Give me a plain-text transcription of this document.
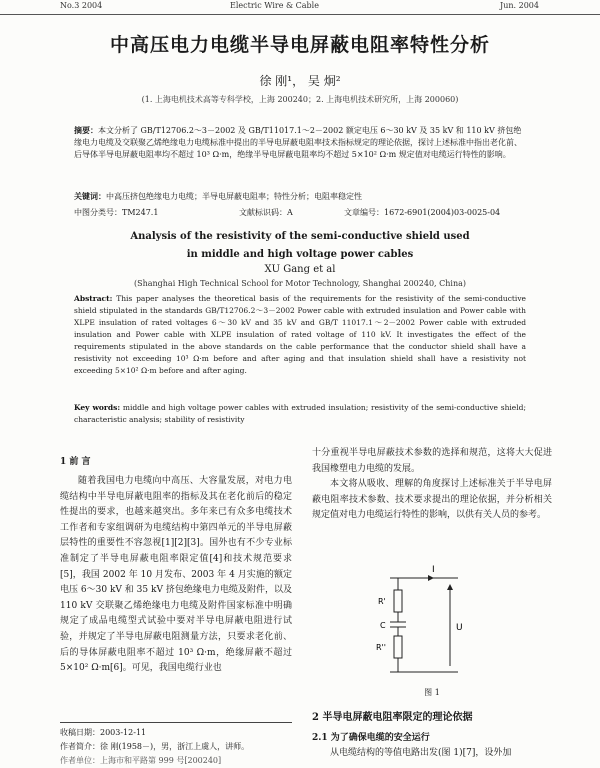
No.3 2004	Electric Wire & Cable	Jun. 2004
中高压电力电缆半导电屏蔽电阻率特性分析
徐 刚¹， 吴 炯²
(1. 上海电机技术高等专科学校，上海 200240；2. 上海电机技术研究所，上海 200060)
摘要：本文分析了 GB/T12706.2～3－2002 及 GB/T11017.1～2－2002 额定电压 6～30 kV 及 35 kV 和 110 kV 挤包绝缘电力电缆及交联聚乙烯绝缘电力电缆标准中提出的半导电屏蔽电阻率技术指标规定的理论依据，探讨上述标准中指出老化前、后导体半导电屏蔽电阻率均不超过 10³ Ω·m，绝缘半导电屏蔽电阻率均不超过 5×10² Ω·m 规定值对电缆运行特性的影响。
关键词：中高压挤包绝缘电力电缆；半导电屏蔽电阻率；特性分析；电阻率稳定性
中图分类号：TM247.1	文献标识码：A	文章编号：1672-6901(2004)03-0025-04
Analysis of the resistivity of the semi-conductive shield used
in middle and high voltage power cables
XU Gang et al
(Shanghai High Technical School for Motor Technology, Shanghai 200240, China)
Abstract: This paper analyses the theoretical basis of the requirements for the resistivity of the semi-conductive shield stipulated in the standards GB/T12706.2～3－2002 Power cable with extruded insulation and Power cable with XLPE insulation of rated voltages 6～30 kV and 35 kV and GB/T 11017.1～2－2002 Power cable with extruded insulation and Power cable with XLPE insulation of rated voltage of 110 kV. It investigates the effect of the requirements stipulated in the above standards on the cable performance that the conductor shield shall have a resistivity not exceeding 10³ Ω·m before and after aging and that insulation shield shall have a resistivity not exceeding 5×10² Ω·m before and after aging.
Key words: middle and high voltage power cables with extruded insulation; resistivity of the semi-conductive shield; characteristic analysis; stability of resistivity
1 前 言

随着我国电力电缆向中高压、大容量发展，对电力电缆结构中半导电屏蔽电阻率的指标及其在老化前后的稳定性提出的要求，也越来越突出。多年来已有众多电缆技术工作者和专家组调研为电缆结构中第四单元的半导电屏蔽层特性的重要性不容忽视[1][2][3]。国外也有不少专业标准制定了半导电屏蔽电阻率限定值[4]和技术规范要求[5]，我国 2002 年 10 月发布、2003 年 4 月实施的额定电压 6～30 kV 和 35 kV 挤包绝缘电力电缆及附件，以及 110 kV 交联聚乙烯绝缘电力电缆及附件国家标准中明确规定了成品电缆型式试验中要对半导电屏蔽电阻进行试验，并规定了半导电屏蔽电阻测量方法，只要求老化前、后的导体屏蔽电阻率不超过 10³ Ω·m，绝缘屏蔽不超过 5×10² Ω·m[6]。可见，我国电缆行业也

十分重视半导电屏蔽技术参数的选择和规范，这将大大促进我国橡塑电力电缆的发展。

本文将从吸收、理解的角度探讨上述标准关于半导电屏蔽电阻率技术参数、技术要求提出的理论依据，并分析相关规定值对电力电缆运行特性的影响，以供有关人员的参考。

I
R'
C
R''
U
图 1
2 半导电屏蔽电阻率限定的理论依据
2.1 为了确保电缆的安全运行
从电缆结构的等值电路出发(图 1)[7]，设外加
收稿日期：2003-12-11
作者简介：徐 刚(1958－)，男，浙江上虞人，讲师。
作者单位：上海市和平路第 999 号[200240]
